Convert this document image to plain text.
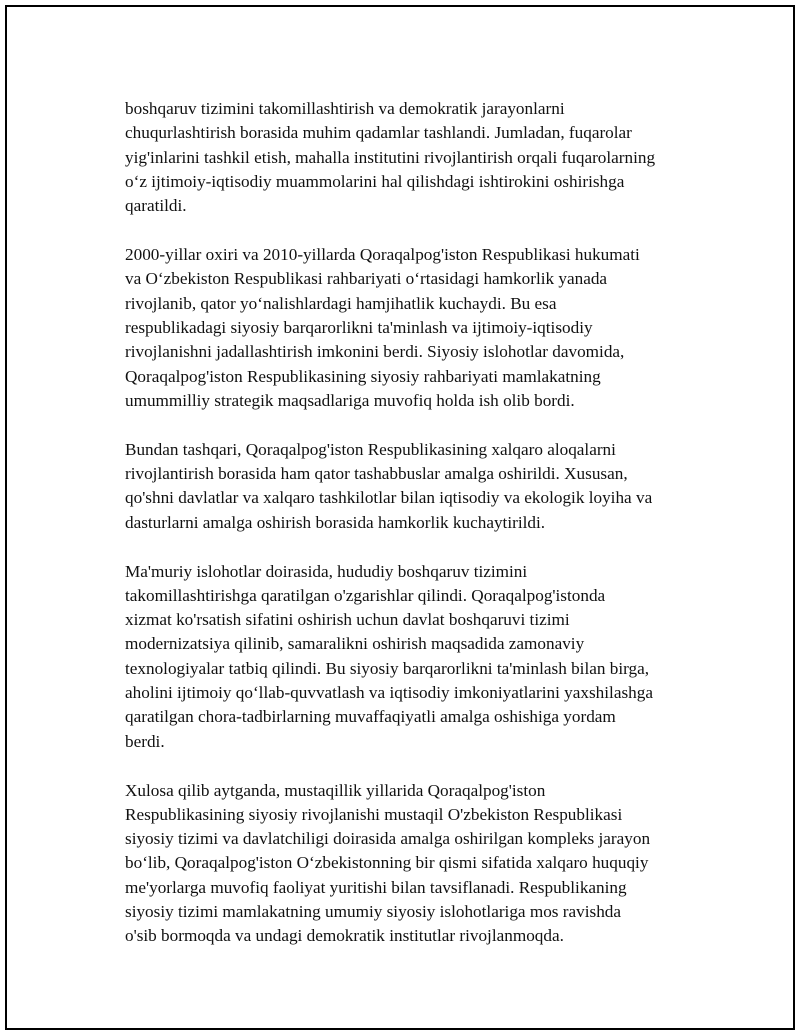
boshqaruv tizimini takomillashtirish va demokratik jarayonlarni
chuqurlashtirish borasida muhim qadamlar tashlandi. Jumladan, fuqarolar
yig'inlarini tashkil etish, mahalla institutini rivojlantirish orqali fuqarolarning
o‘z ijtimoiy-iqtisodiy muammolarini hal qilishdagi ishtirokini oshirishga
qaratildi.

2000-yillar oxiri va 2010-yillarda Qoraqalpog'iston Respublikasi hukumati
va O‘zbekiston Respublikasi rahbariyati o‘rtasidagi hamkorlik yanada
rivojlanib, qator yo‘nalishlardagi hamjihatlik kuchaydi. Bu esa
respublikadagi siyosiy barqarorlikni ta'minlash va ijtimoiy-iqtisodiy
rivojlanishni jadallashtirish imkonini berdi. Siyosiy islohotlar davomida,
Qoraqalpog'iston Respublikasining siyosiy rahbariyati mamlakatning
umummilliy strategik maqsadlariga muvofiq holda ish olib bordi.

Bundan tashqari, Qoraqalpog'iston Respublikasining xalqaro aloqalarni
rivojlantirish borasida ham qator tashabbuslar amalga oshirildi. Xususan,
qo'shni davlatlar va xalqaro tashkilotlar bilan iqtisodiy va ekologik loyiha va
dasturlarni amalga oshirish borasida hamkorlik kuchaytirildi.

Ma'muriy islohotlar doirasida, hududiy boshqaruv tizimini
takomillashtirishga qaratilgan o'zgarishlar qilindi. Qoraqalpog'istonda
xizmat ko'rsatish sifatini oshirish uchun davlat boshqaruvi tizimi
modernizatsiya qilinib, samaralikni oshirish maqsadida zamonaviy
texnologiyalar tatbiq qilindi. Bu siyosiy barqarorlikni ta'minlash bilan birga,
aholini ijtimoiy qo‘llab-quvvatlash va iqtisodiy imkoniyatlarini yaxshilashga
qaratilgan chora-tadbirlarning muvaffaqiyatli amalga oshishiga yordam
berdi.

Xulosa qilib aytganda, mustaqillik yillarida Qoraqalpog'iston
Respublikasining siyosiy rivojlanishi mustaqil O'zbekiston Respublikasi
siyosiy tizimi va davlatchiligi doirasida amalga oshirilgan kompleks jarayon
bo‘lib, Qoraqalpog'iston O‘zbekistonning bir qismi sifatida xalqaro huquqiy
me'yorlarga muvofiq faoliyat yuritishi bilan tavsiflanadi. Respublikaning
siyosiy tizimi mamlakatning umumiy siyosiy islohotlariga mos ravishda
o'sib bormoqda va undagi demokratik institutlar rivojlanmoqda.
